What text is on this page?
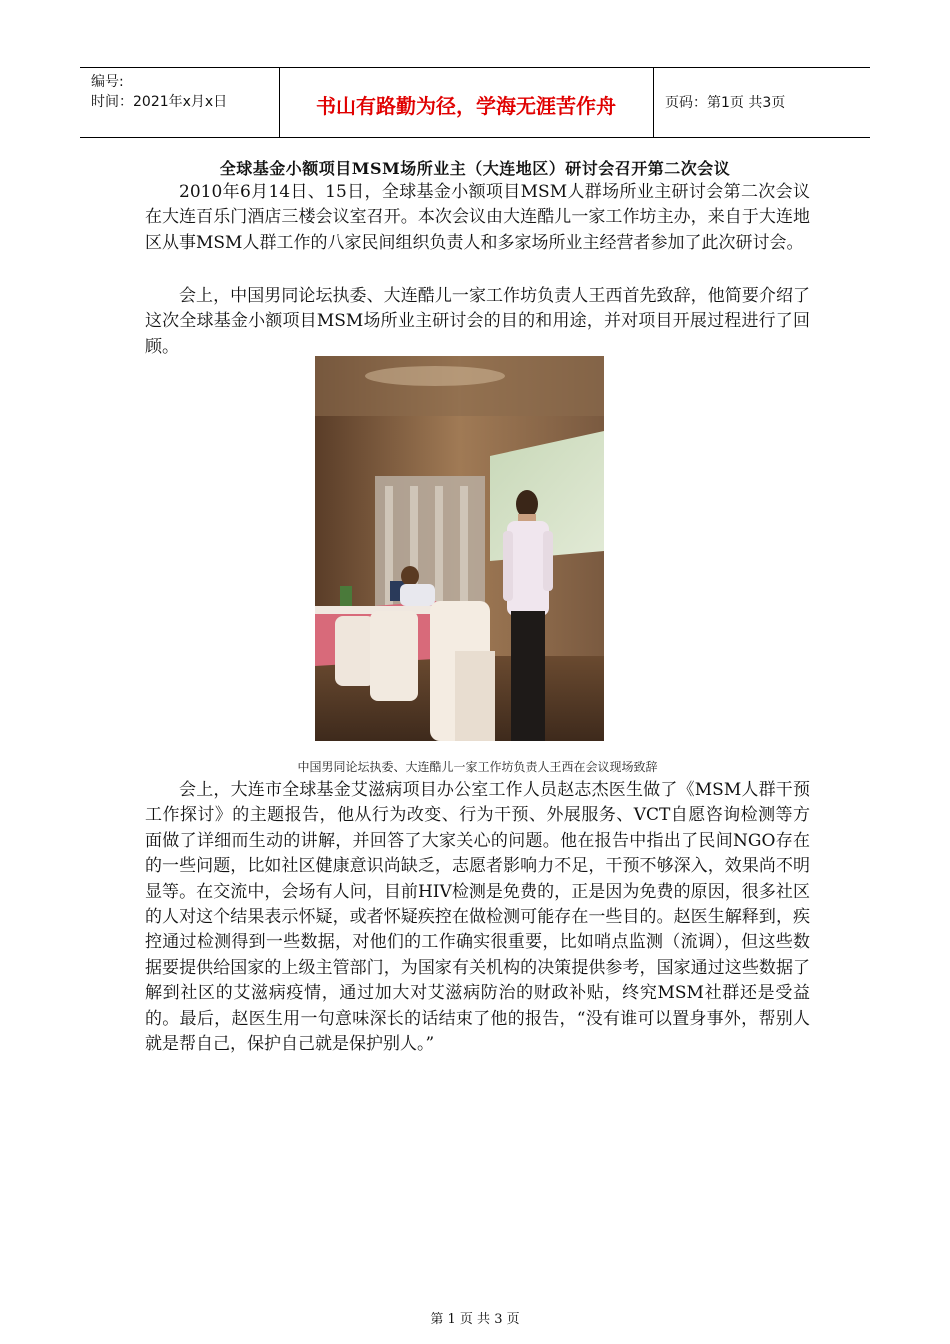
编号:
时间：2021年x月x日	书山有路勤为径，学海无涯苦作舟	页码：第1页 共3页
全球基金小额项目MSM场所业主（大连地区）研讨会召开第二次会议

2010年6月14日、15日，全球基金小额项目MSM人群场所业主研讨会第二次会议在大连百乐门酒店三楼会议室召开。本次会议由大连酷儿一家工作坊主办，来自于大连地区从事MSM人群工作的八家民间组织负责人和多家场所业主经营者参加了此次研讨会。

会上，中国男同论坛执委、大连酷儿一家工作坊负责人王西首先致辞，他简要介绍了这次全球基金小额项目MSM场所业主研讨会的目的和用途，并对项目开展过程进行了回顾。

中国男同论坛执委、大连酷儿一家工作坊负责人王西在会议现场致辞

会上，大连市全球基金艾滋病项目办公室工作人员赵志杰医生做了《MSM人群干预工作探讨》的主题报告，他从行为改变、行为干预、外展服务、VCT自愿咨询检测等方面做了详细而生动的讲解，并回答了大家关心的问题。他在报告中指出了民间NGO存在的一些问题，比如社区健康意识尚缺乏，志愿者影响力不足，干预不够深入，效果尚不明显等。在交流中，会场有人问，目前HIV检测是免费的，正是因为免费的原因，很多社区的人对这个结果表示怀疑，或者怀疑疾控在做检测可能存在一些目的。赵医生解释到，疾控通过检测得到一些数据，对他们的工作确实很重要，比如哨点监测（流调），但这些数据要提供给国家的上级主管部门，为国家有关机构的决策提供参考，国家通过这些数据了解到社区的艾滋病疫情，通过加大对艾滋病防治的财政补贴，终究MSM社群还是受益的。最后，赵医生用一句意味深长的话结束了他的报告，“没有谁可以置身事外，帮别人就是帮自己，保护自己就是保护别人。”

第 1 页 共 3 页
